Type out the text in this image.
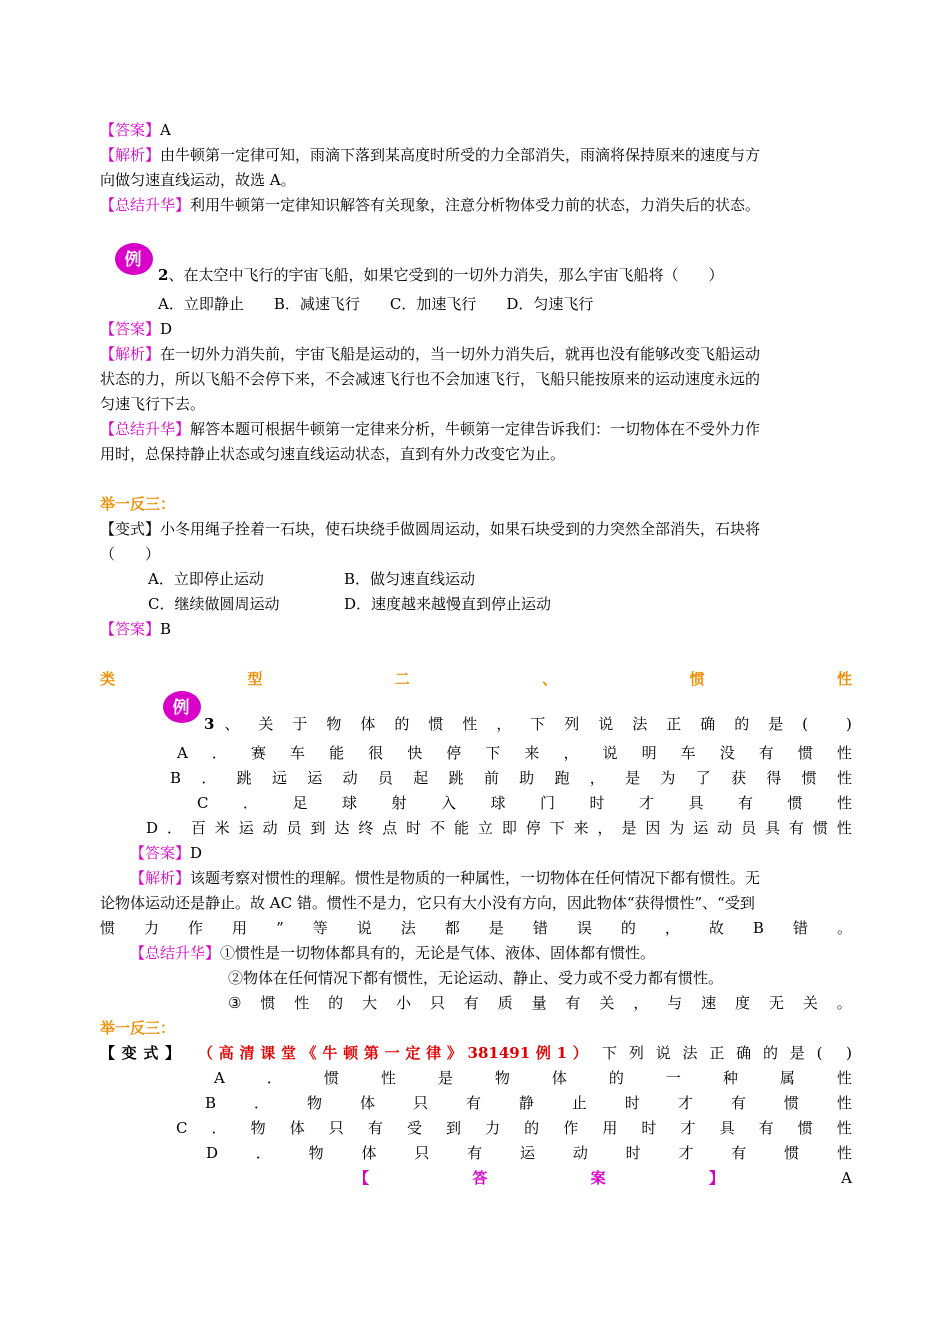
【答案】A
【解析】由牛顿第一定律可知，雨滴下落到某高度时所受的力全部消失，雨滴将保持原来的速度与方
向做匀速直线运动，故选 A。
【总结升华】利用牛顿第一定律知识解答有关现象，注意分析物体受力前的状态，力消失后的状态。
例
2、在太空中飞行的宇宙飞船，如果它受到的一切外力消失，那么宇宙飞船将（　　）
A．立即静止　　B．减速飞行　　C．加速飞行　　D．匀速飞行
【答案】D
【解析】在一切外力消失前，宇宙飞船是运动的，当一切外力消失后，就再也没有能够改变飞船运动
状态的力，所以飞船不会停下来，不会减速飞行也不会加速飞行，飞船只能按原来的运动速度永远的
匀速飞行下去。
【总结升华】解答本题可根据牛顿第一定律来分析，牛顿第一定律告诉我们：一切物体在不受外力作
用时，总保持静止状态或匀速直线运动状态，直到有外力改变它为止。
举一反三：
【变式】小冬用绳子拴着一石块，使石块绕手做圆周运动，如果石块受到的力突然全部消失，石块将
（　　）
A．立即停止运动	B．做匀速直线运动
C．继续做圆周运动	D．速度越来越慢直到停止运动
【答案】B
类	型	二	、	惯	性
例
3 、 关 于 物 体 的 惯 性 ， 下 列 说 法 正 确 的 是 (	)
A ． 赛 车 能 很 快 停 下 来 ， 说 明 车 没 有 惯 性
B ． 跳 远 运 动 员 起 跳 前 助 跑 ， 是 为 了 获 得 惯 性
C ． 足 球 射 入 球 门 时 才 具 有 惯 性
D ． 百 米 运 动 员 到 达 终 点 时 不 能 立 即 停 下 来 ， 是 因 为 运 动 员 具 有 惯 性
【答案】D
【解析】该题考察对惯性的理解。惯性是物质的一种属性，一切物体在任何情况下都有惯性。无
论物体运动还是静止。故 AC 错。惯性不是力，它只有大小没有方向，因此物体“获得惯性”、“受到
惯 力 作 用 ” 等 说 法 都 是 错 误 的 ， 故 B 错 。
【总结升华】①惯性是一切物体都具有的，无论是气体、液体、固体都有惯性。
②物体在任何情况下都有惯性，无论运动、静止、受力或不受力都有惯性。
③ 惯 性 的 大 小 只 有 质 量 有 关 ， 与 速 度 无 关 。
举一反三：
【 变 式 】 （ 高 清 课 堂 《 牛 顿 第 一 定 律 》 381491 例 1 ） 下 列 说 法 正 确 的 是 ( )
A	．	惯	性	是	物	体	的	一	种	属	性
B	．	物	体	只	有	静	止	时	才	有	惯	性
C ． 物 体 只 有 受 到 力 的 作 用 时 才 具 有 惯 性
D	．	物	体	只	有	运	动	时	才	有	惯	性
【	答	案	】	A
